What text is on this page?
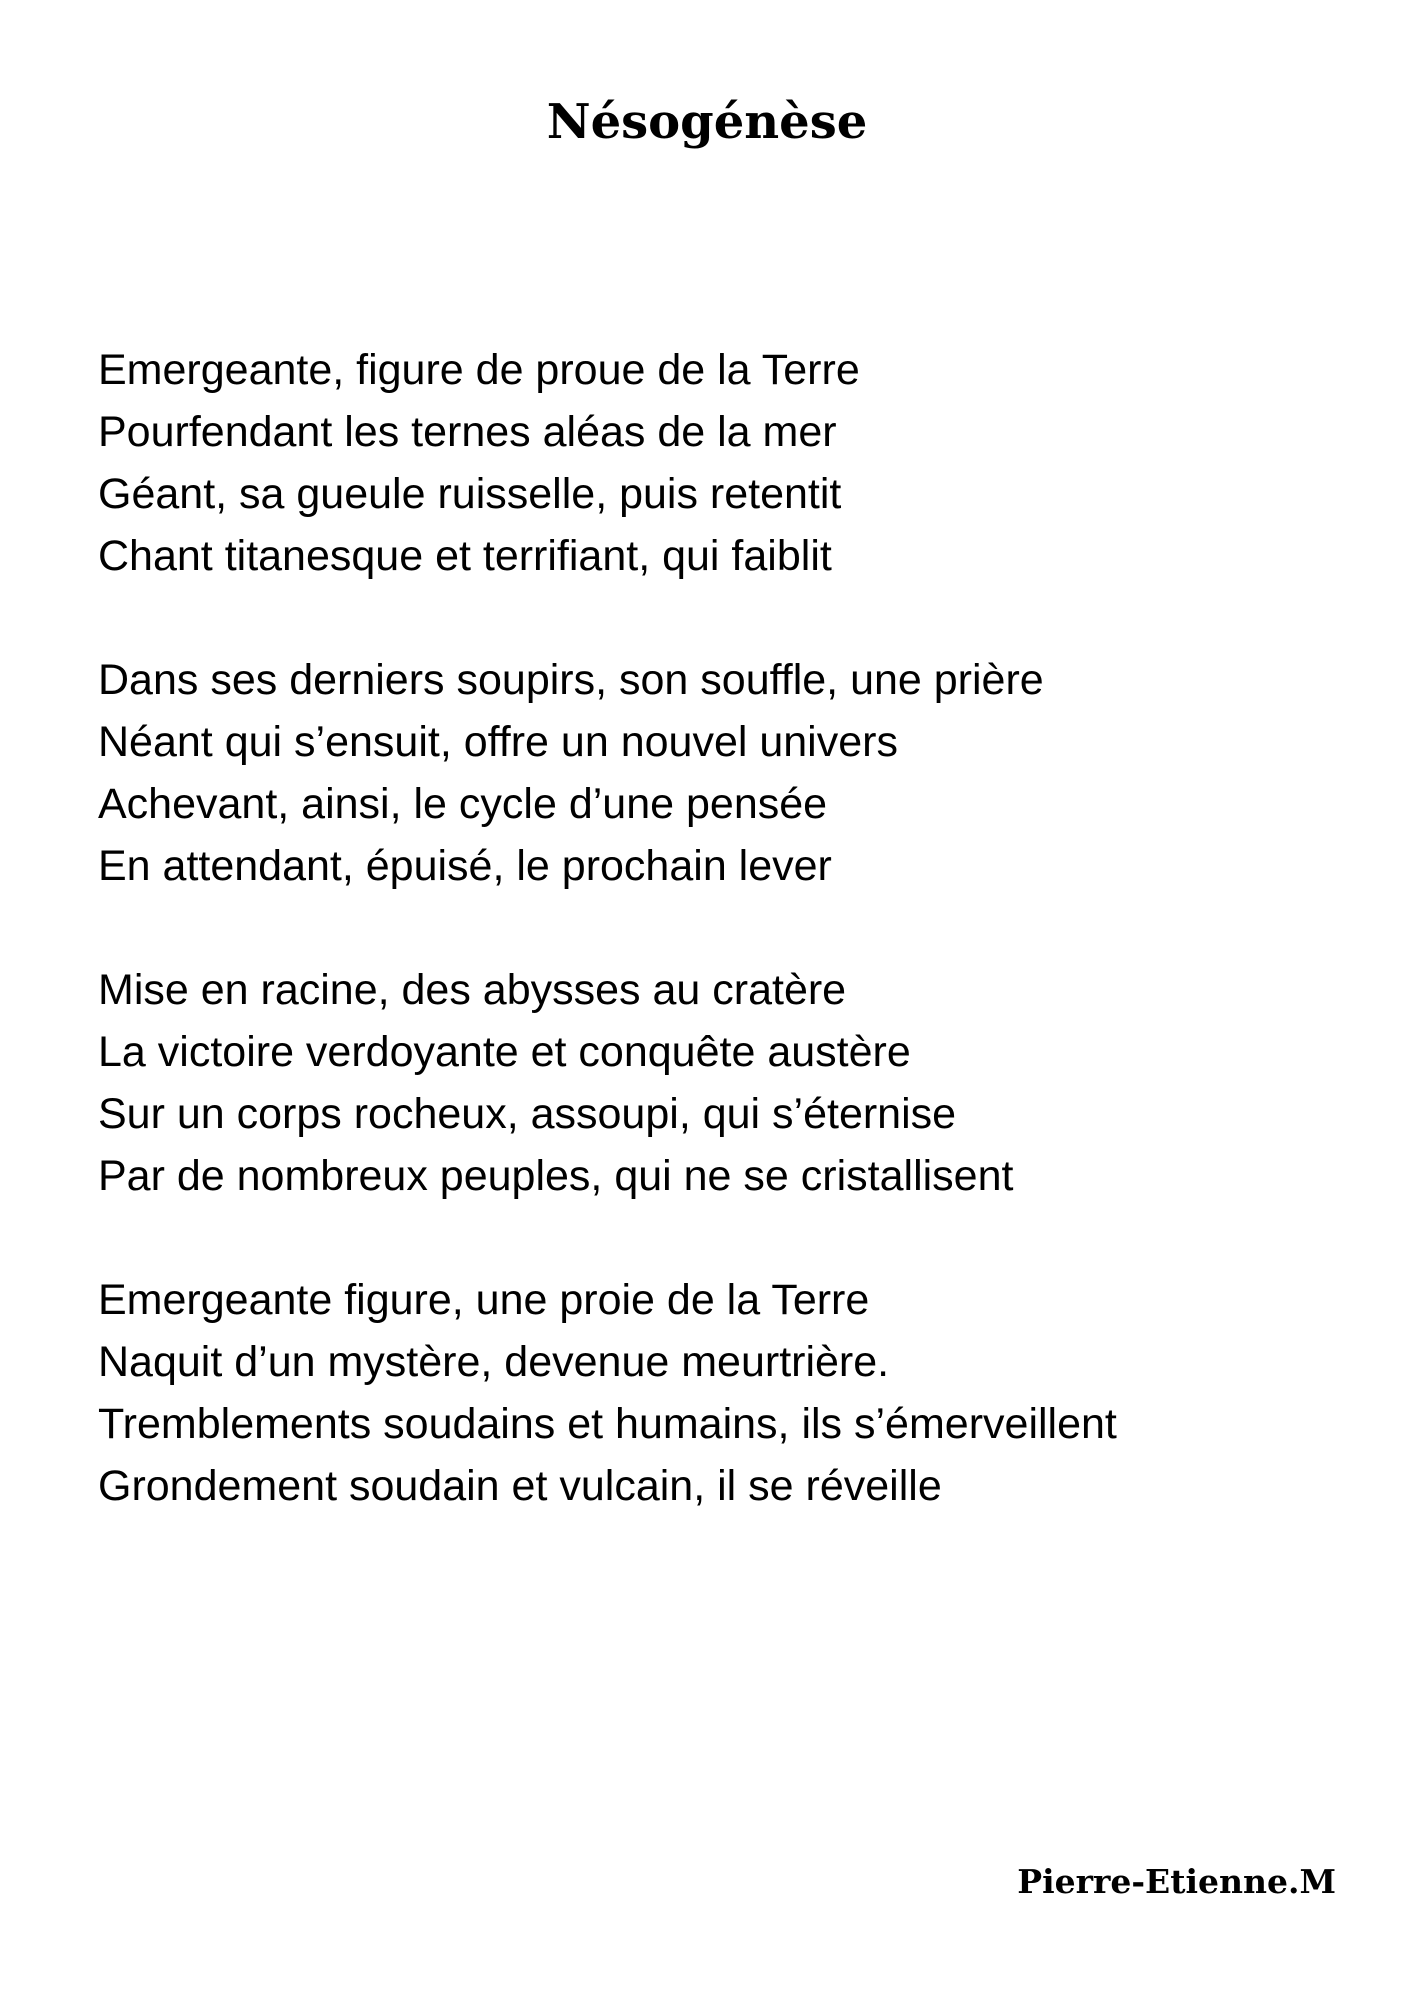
Nésogénèse
Emergeante, figure de proue de la Terre
Pourfendant les ternes aléas de la mer
Géant, sa gueule ruisselle, puis retentit
Chant titanesque et terrifiant, qui faiblit
Dans ses derniers soupirs, son souffle, une prière
Néant qui s’ensuit, offre un nouvel univers
Achevant, ainsi, le cycle d’une pensée
En attendant, épuisé, le prochain lever
Mise en racine, des abysses au cratère
La victoire verdoyante et conquête austère
Sur un corps rocheux, assoupi, qui s’éternise
Par de nombreux peuples, qui ne se cristallisent
Emergeante figure, une proie de la Terre
Naquit d’un mystère, devenue meurtrière.
Tremblements soudains et humains, ils s’émerveillent
Grondement soudain et vulcain, il se réveille
Pierre-Etienne.M
